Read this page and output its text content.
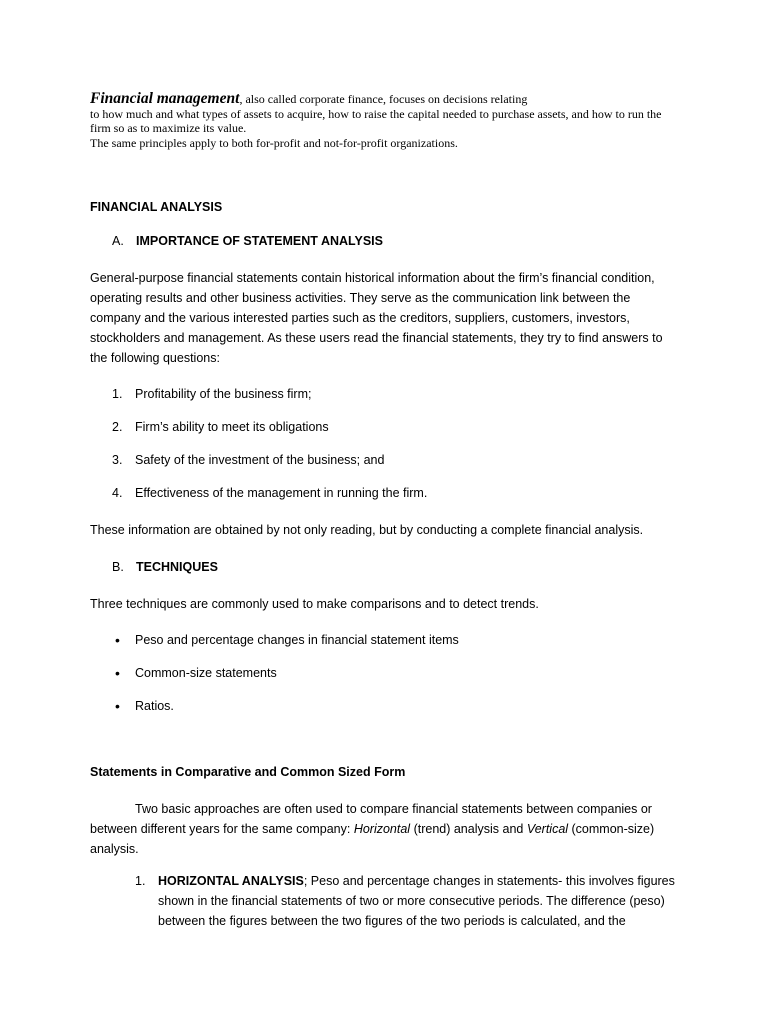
Financial management, also called corporate finance, focuses on decisions relating
to how much and what types of assets to acquire, how to raise the capital needed to purchase assets, and how to run the firm so as to maximize its value.
The same principles apply to both for-profit and not-for-profit organizations.
FINANCIAL ANALYSIS
A. IMPORTANCE OF STATEMENT ANALYSIS

General-purpose financial statements contain historical information about the firm’s financial condition, operating results and other business activities. They serve as the communication link between the company and the various interested parties such as the creditors, suppliers, customers, investors, stockholders and management. As these users read the financial statements, they try to find answers to the following questions:

1.	Profitability of the business firm;
2.	Firm’s ability to meet its obligations
3.	Safety of the investment of the business; and
4.	Effectiveness of the management in running the firm.

These information are obtained by not only reading, but by conducting a complete financial analysis.

B. TECHNIQUES

Three techniques are commonly used to make comparisons and to detect trends.

•	Peso and percentage changes in financial statement items
•	Common-size statements
•	Ratios.
Statements in Comparative and Common Sized Form

Two basic approaches are often used to compare financial statements between companies or between different years for the same company: Horizontal (trend) analysis and Vertical (common-size) analysis.

1.	HORIZONTAL ANALYSIS; Peso and percentage changes in statements- this involves figures shown in the financial statements of two or more consecutive periods. The difference (peso) between the figures between the two figures of the two periods is calculated, and the
